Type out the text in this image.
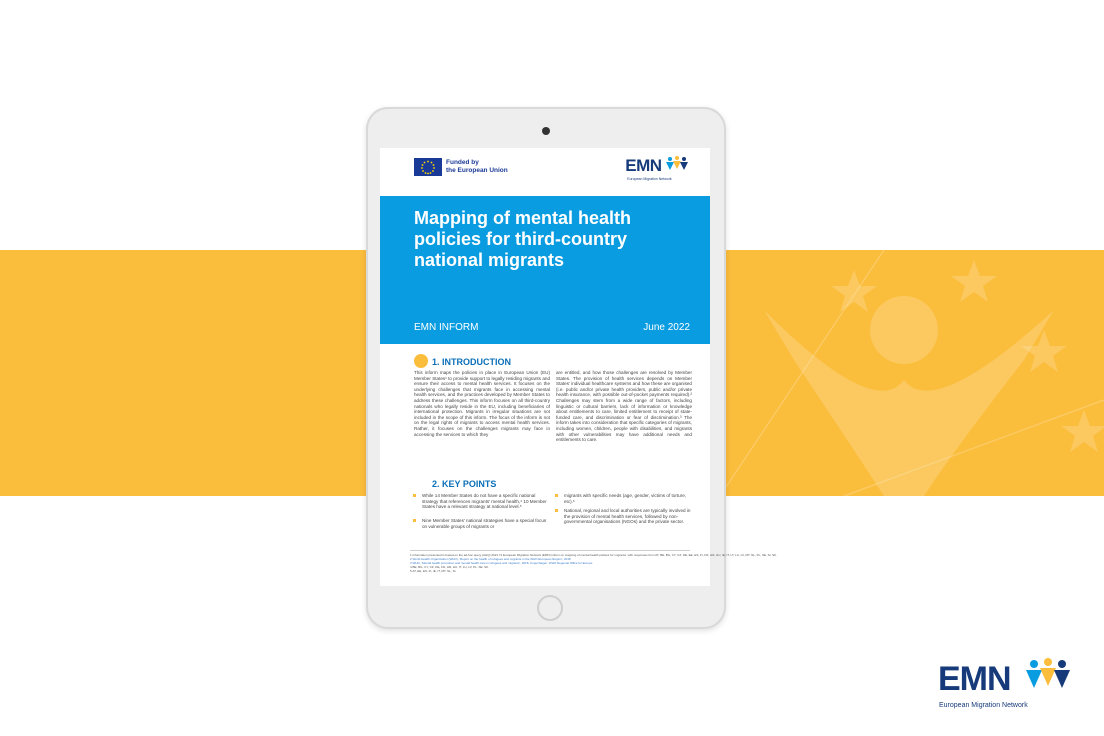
Funded by
the European Union	EMN
European Migration Network
Mapping of mental health policies for third-country national migrants
EMN INFORM	June 2022
1. INTRODUCTION
This inform maps the policies in place in European Union (EU) Member States¹ to provide support to legally residing migrants and ensure their access to mental health services. It focuses on the underlying challenges that migrants face in accessing mental health services, and the practices developed by Member States to address these challenges. This inform focuses on all third-country nationals who legally reside in the EU, including beneficiaries of international protection. Migrants in irregular situations are not included in the scope of this inform. The focus of the inform is not on the legal rights of migrants to access mental health services. Rather, it focuses on the challenges migrants may face in accessing the services to which they
are entitled, and how those challenges are resolved by Member States. The provision of health services depends on Member States' individual healthcare systems and how these are organised (i.e. public and/or private health providers, public and/or private health insurance, with possible out-of-pocket payments required).² Challenges may stem from a wide range of factors, including linguistic or cultural barriers, lack of information or knowledge about entitlements to care, limited entitlement to receipt of state-funded care, and discrimination or fear of discrimination.³ The inform takes into consideration that specific categories of migrants, including women, children, people with disabilities, and migrants with other vulnerabilities may have additional needs and entitlements to care.
2. KEY POINTS
While 14 Member States do not have a specific national strategy that references migrants' mental health,⁴ 10 Member States have a relevant strategy at national level.⁵
Nine Member States' national strategies have a special focus on vulnerable groups of migrants or
migrants with specific needs (age, gender, victims of torture, etc).⁶
National, regional and local authorities are typically involved in the provision of mental health services, followed by non-governmental organisations (NGOs) and the private sector.
1 Information presented is based on the ad-hoc query (AHQ) 2021.71 European Migration Network (EMN) inform on mapping of mental health policies for migrants, with responses from AT, BE, BG, CY, CZ, DE, EE, ES, FI, FR, HR, HU, IE, IT, LT, LU, LV, MT, NL, PL, SE, SI, SK.
2 World Health Organization (WHO), 'Report on the health of refugees and migrants in the WHO European Region', 2018
3 WHO, 'Mental health promotion and mental health care in refugees and migrants', 2018, Copenhagen: WHO Regional Office for Europe
4 BE, BG, CY, CZ, DE, FR, HR, HU, IT, LU, LV, PL, SE, SK.
5 AT, EE, ES, FI, IE, IT, MT, NL, SI.
EMN
European Migration Network
